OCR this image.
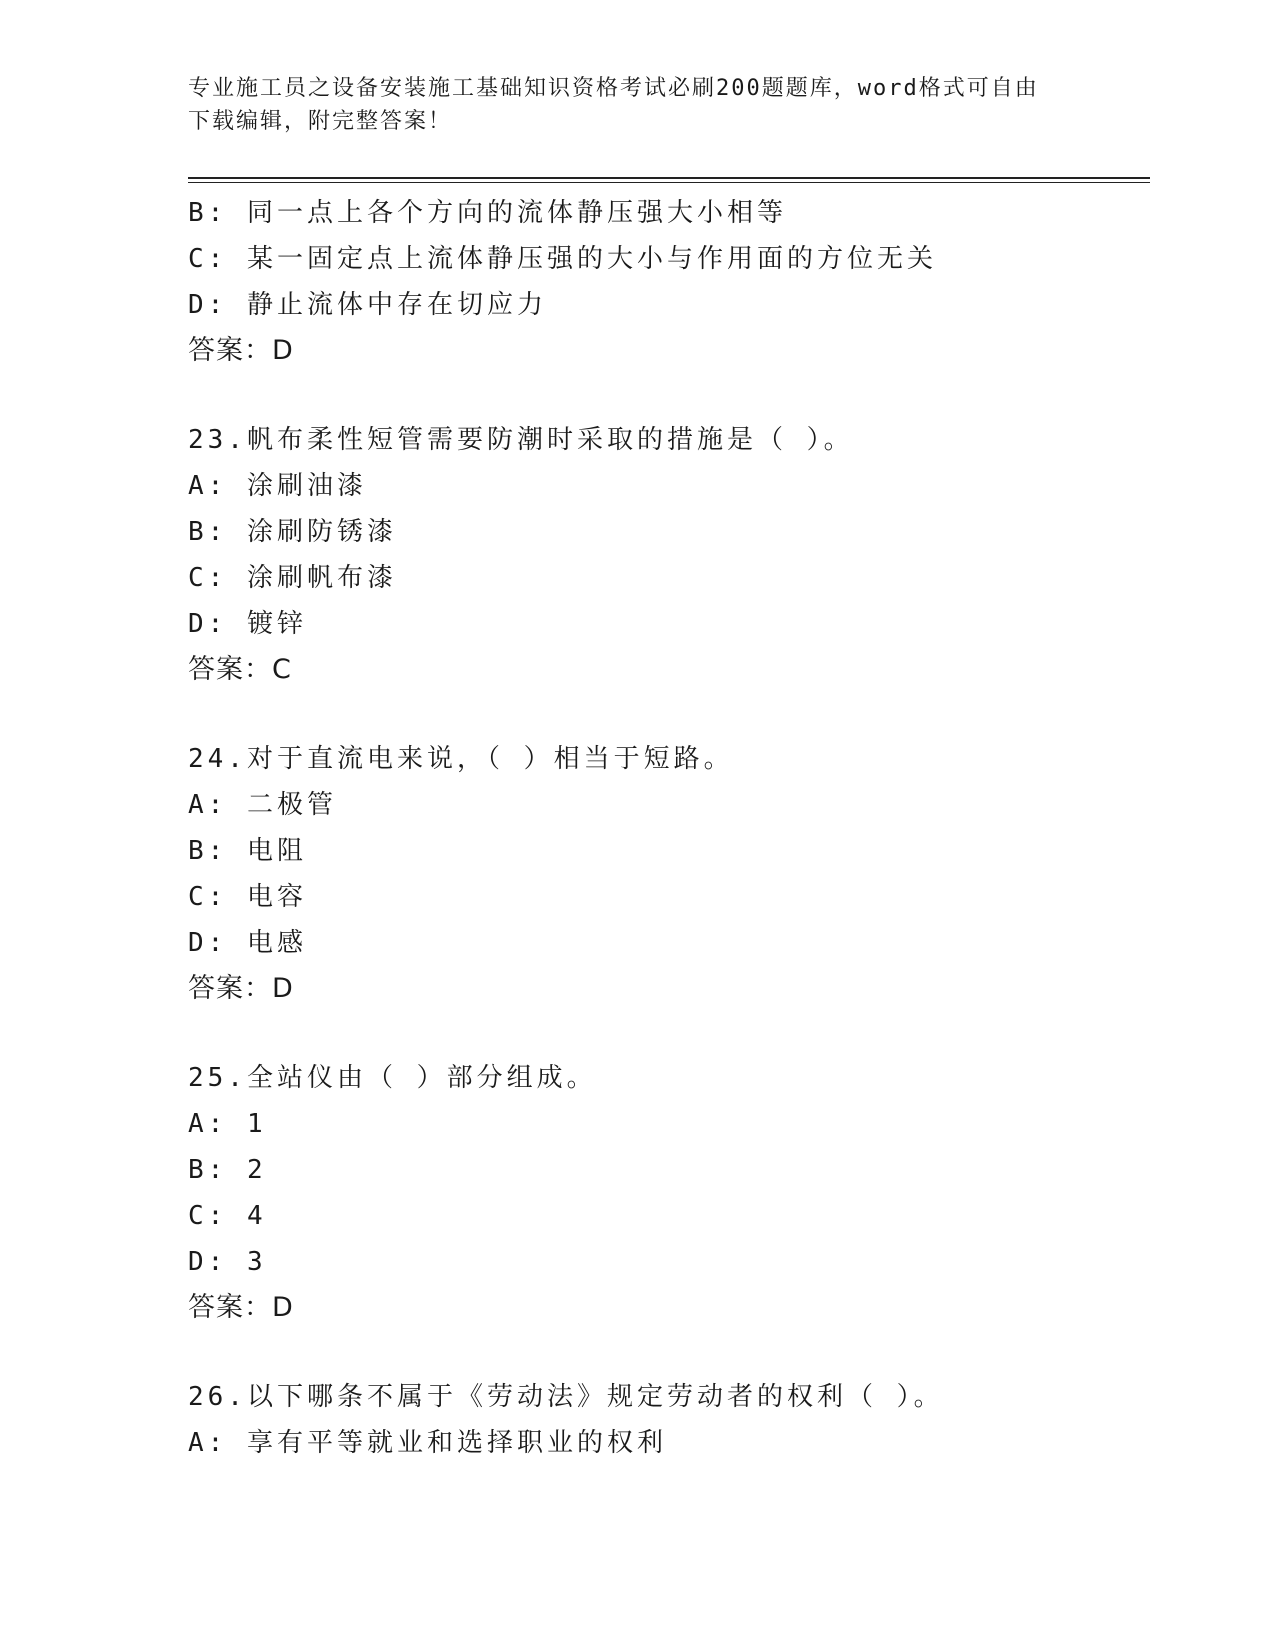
专业施工员之设备安装施工基础知识资格考试必刷200题题库，word格式可自由
下载编辑，附完整答案！
B: 同一点上各个方向的流体静压强大小相等
C: 某一固定点上流体静压强的大小与作用面的方位无关
D: 静止流体中存在切应力
答案：D
23.帆布柔性短管需要防潮时采取的措施是（ ）。
A: 涂刷油漆
B: 涂刷防锈漆
C: 涂刷帆布漆
D: 镀锌
答案：C
24.对于直流电来说，（ ）相当于短路。
A: 二极管
B: 电阻
C: 电容
D: 电感
答案：D
25.全站仪由（ ）部分组成。
A: 1
B: 2
C: 4
D: 3
答案：D
26.以下哪条不属于《劳动法》规定劳动者的权利（ ）。
A: 享有平等就业和选择职业的权利
